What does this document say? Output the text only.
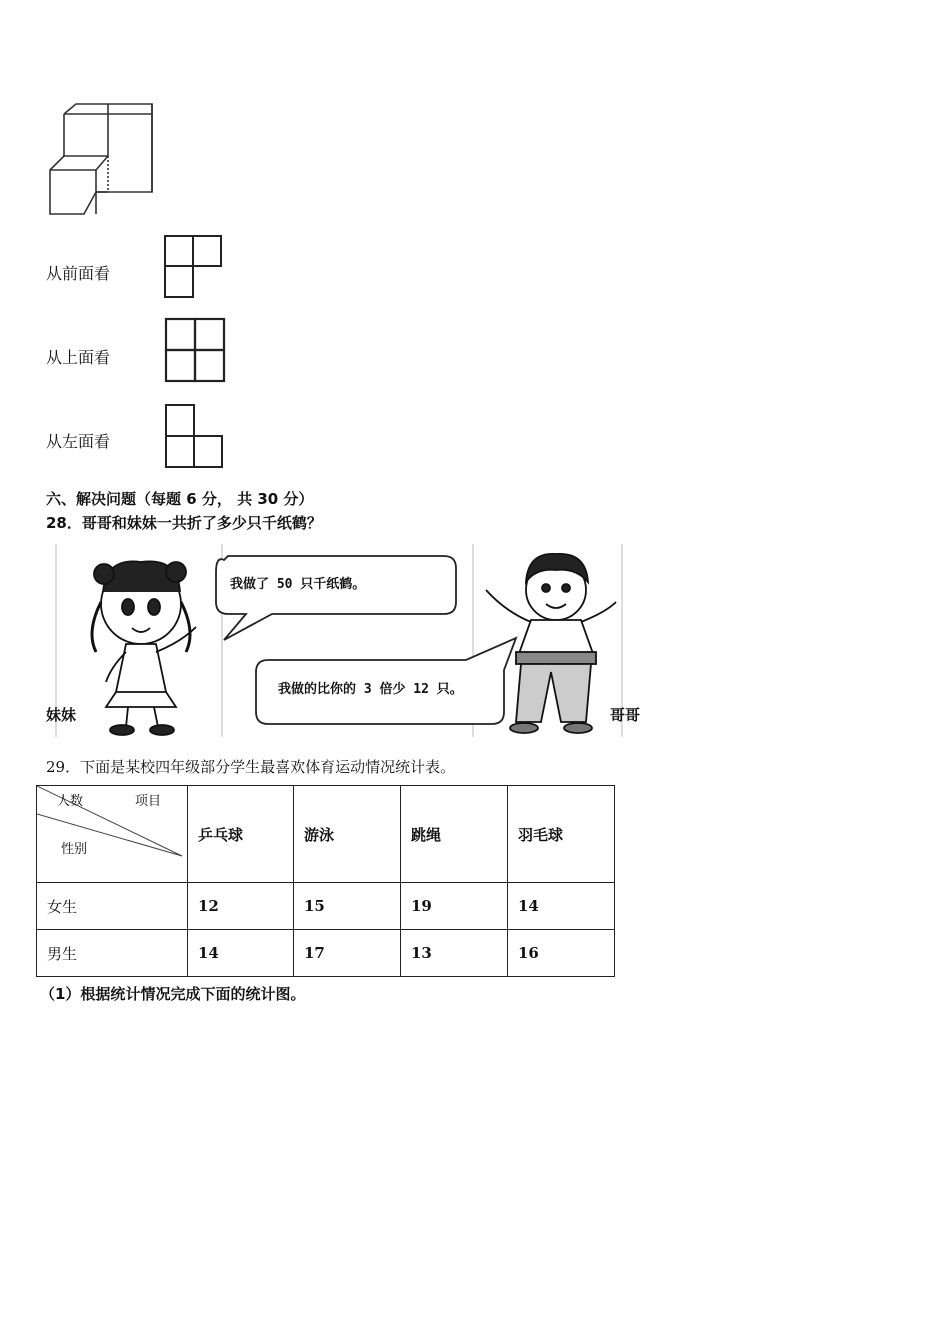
从前面看
从上面看
从左面看
六、解决问题（每题 6 分， 共 30 分）
28．哥哥和妹妹一共折了多少只千纸鹤？
我做了 50 只千纸鹤。
我做的比你的 3 倍少 12 只。
妹妹	哥哥
29．下面是某校四年级部分学生最喜欢体育运动情况统计表。
人数 项目
性别	乒乓球	游泳	跳绳	羽毛球
女生	12	15	19	14
男生	14	17	13	16
（1）根据统计情况完成下面的统计图。
